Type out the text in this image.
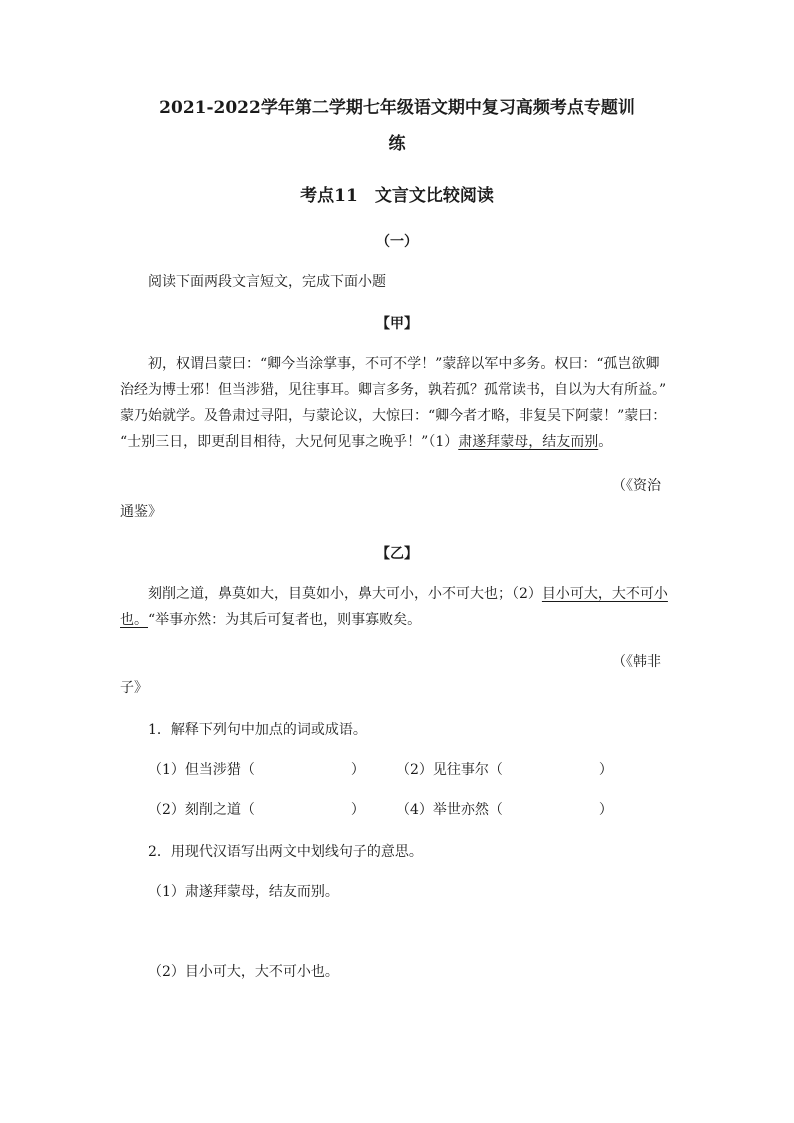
2021-2022学年第二学期七年级语文期中复习高频考点专题训
练
考点11　文言文比较阅读
（一）
阅读下面两段文言短文，完成下面小题
【甲】
初，权谓吕蒙曰：“卿今当涂掌事，不可不学！”蒙辞以军中多务。权曰：“孤岂欲卿
治经为博士邪！但当涉猎，见往事耳。卿言多务，孰若孤？孤常读书，自以为大有所益。”
蒙乃始就学。及鲁肃过寻阳，与蒙论议，大惊曰：“卿今者才略，非复吴下阿蒙！”蒙曰：
“士别三日，即更刮目相待，大兄何见事之晚乎！”（1）肃遂拜蒙母，结友而别。
（《资治
通鉴》
【乙】
刻削之道，鼻莫如大，目莫如小，鼻大可小，小不可大也；（2）目小可大，大不可小
也。“举事亦然：为其后可复者也，则事寡败矣。
（《韩非
子》
1．解释下列句中加点的词或成语。
（1）但当涉猎（	） （2）见往事尔（	）
（2）刻削之道（	） （4）举世亦然（	）
2．用现代汉语写出两文中划线句子的意思。
（1）肃遂拜蒙母，结友而别。
（2）目小可大，大不可小也。
